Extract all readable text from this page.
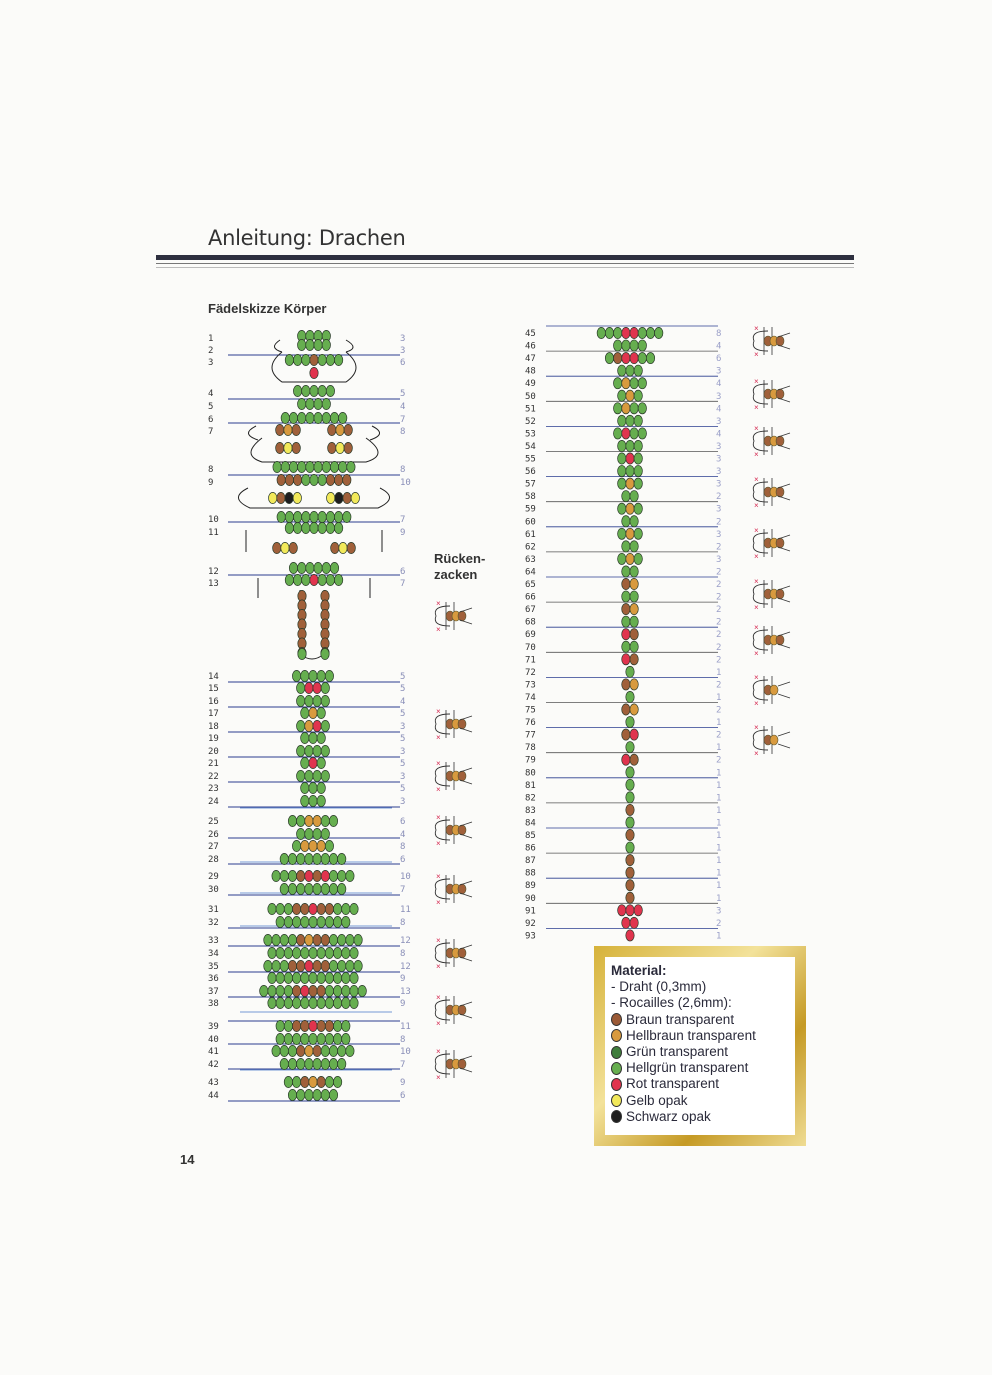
Anleitung: Drachen
Fädelskizze Körper
Rücken-
zacken
1	3
2	3
3	6
4	5
5	4
6	7
7	8
8	8
9	10
10	7
11	9
12	6
13	7
14	5
15	5
16	4
17	5
18	3
19	5
20	3
21	5
22	3
23	5
24	3
25	6
26	4
27	8
28	6
29	10
30	7
31	11
32	8
33	12
34	8
35	12
36	9
37	13
38	9
39	11
40	8
41	10
42	7
43	9
44	6
45	8
46	4
47	6
48	3
49	4
50	3
51	4
52	3
53	4
54	3
55	3
56	3
57	3
58	2
59	3
60	2
61	3
62	2
63	3
64	2
65	2
66	2
67	2
68	2
69	2
70	2
71	2
72	1
73	2
74	1
75	2
76	1
77	2
78	1
79	2
80	1
81	1
82	1
83	1
84	1
85	1
86	1
87	1
88	1
89	1
90	1
91	3
92	2
93	1
×
×
×
×
×
×
×
×
×
×
×
×
×
×
×
×
×
×
×
×
×
×
×
×
×
×
×
×
×
×
×
×
×
×
Material:
- Draht (0,3mm)
- Rocailles (2,6mm):
Braun transparent
Hellbraun transparent
Grün transparent
Hellgrün transparent
Rot transparent
Gelb opak
Schwarz opak
14
